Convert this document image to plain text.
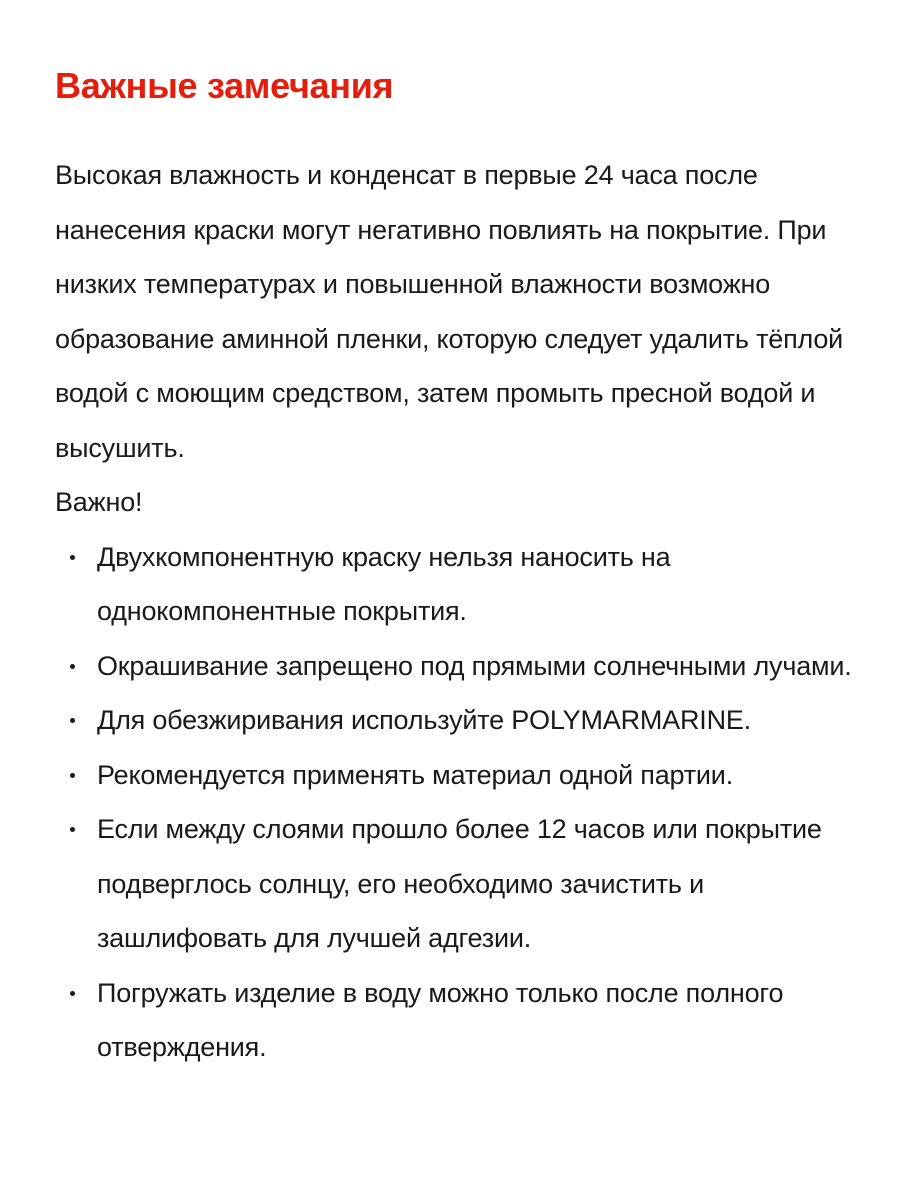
Важные замечания

Высокая влажность и конденсат в первые 24 часа после нанесения краски могут негативно повлиять на покрытие. При низких температурах и повышенной влажности возможно образование аминной пленки, которую следует удалить тёплой водой с моющим средством, затем промыть пресной водой и высушить.

Важно!

Двухкомпонентную краску нельзя наносить на однокомпонентные покрытия.
Окрашивание запрещено под прямыми солнечными лучами.
Для обезжиривания используйте POLYMARMARINE.
Рекомендуется применять материал одной партии.
Если между слоями прошло более 12 часов или покрытие подверглось солнцу, его необходимо зачистить и зашлифовать для лучшей адгезии.
Погружать изделие в воду можно только после полного отверждения.
